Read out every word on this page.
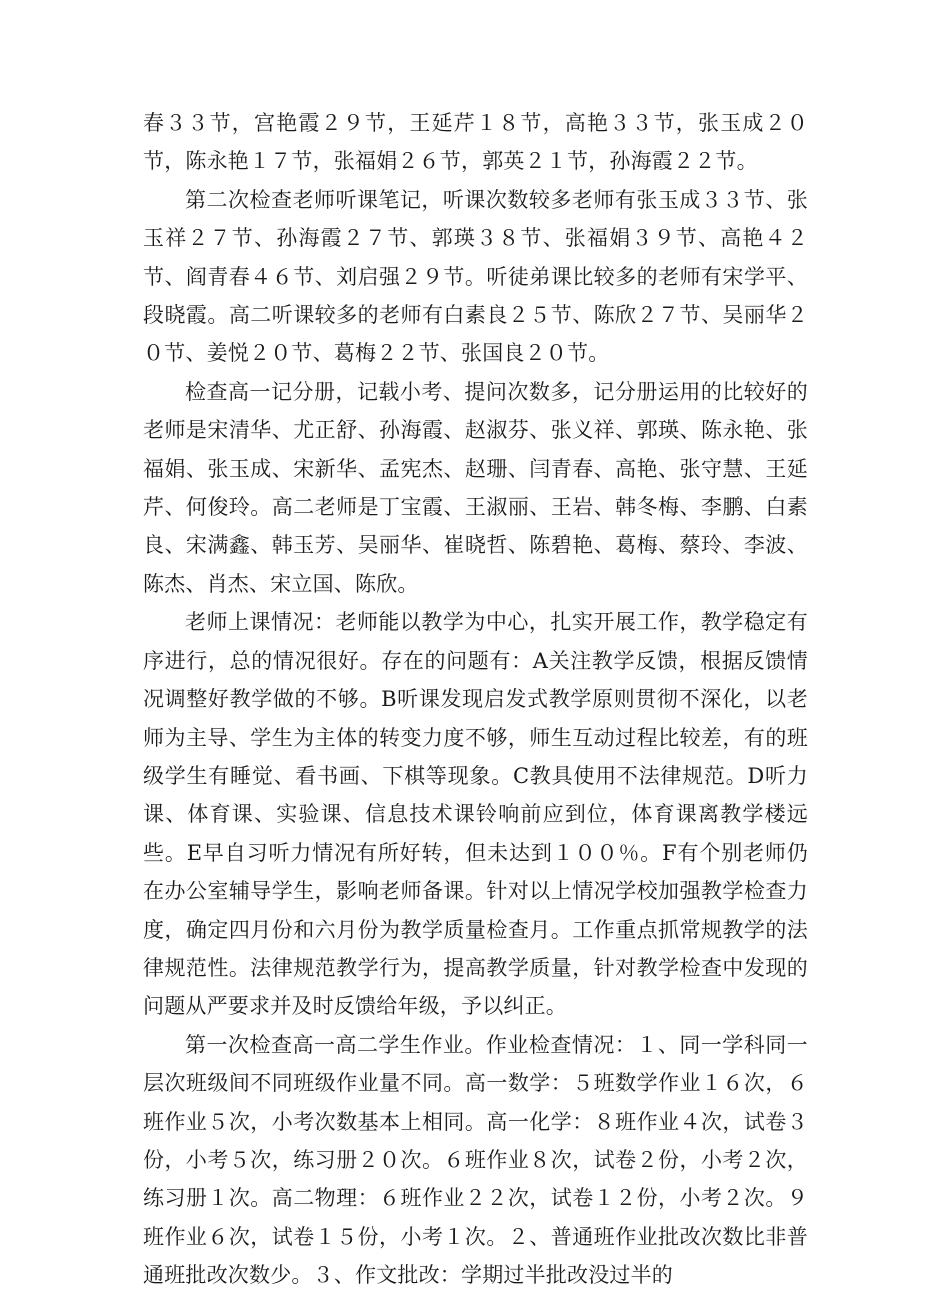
春３３节，宫艳霞２９节，王延芹１８节，高艳３３节，张玉成２０节，陈永艳１７节，张福娟２６节，郭英２１节，孙海霞２２节。

第二次检查老师听课笔记，听课次数较多老师有张玉成３３节、张玉祥２７节、孙海霞２７节、郭瑛３８节、张福娟３９节、高艳４２节、阎青春４６节、刘启强２９节。听徒弟课比较多的老师有宋学平、段晓霞。高二听课较多的老师有白素良２５节、陈欣２７节、吴丽华２０节、姜悦２０节、葛梅２２节、张国良２０节。

检查高一记分册，记载小考、提问次数多，记分册运用的比较好的老师是宋清华、尤正舒、孙海霞、赵淑芬、张义祥、郭瑛、陈永艳、张福娟、张玉成、宋新华、孟宪杰、赵珊、闫青春、高艳、张守慧、王延芹、何俊玲。高二老师是丁宝霞、王淑丽、王岩、韩冬梅、李鹏、白素良、宋满鑫、韩玉芳、吴丽华、崔晓哲、陈碧艳、葛梅、蔡玲、李波、陈杰、肖杰、宋立国、陈欣。

老师上课情况：老师能以教学为中心，扎实开展工作，教学稳定有序进行，总的情况很好。存在的问题有：A关注教学反馈，根据反馈情况调整好教学做的不够。B听课发现启发式教学原则贯彻不深化，以老师为主导、学生为主体的转变力度不够，师生互动过程比较差，有的班级学生有睡觉、看书画、下棋等现象。C教具使用不法律规范。D听力课、体育课、实验课、信息技术课铃响前应到位，体育课离教学楼远些。E早自习听力情况有所好转，但未达到１００％。F有个别老师仍在办公室辅导学生，影响老师备课。针对以上情况学校加强教学检查力度，确定四月份和六月份为教学质量检查月。工作重点抓常规教学的法律规范性。法律规范教学行为，提高教学质量，针对教学检查中发现的问题从严要求并及时反馈给年级，予以纠正。

第一次检查高一高二学生作业。作业检查情况：１、同一学科同一层次班级间不同班级作业量不同。高一数学：５班数学作业１６次，６班作业５次，小考次数基本上相同。高一化学：８班作业４次，试卷３份，小考５次，练习册２０次。６班作业８次，试卷２份，小考２次，练习册１次。高二物理：６班作业２２次，试卷１２份，小考２次。９班作业６次，试卷１５份，小考１次。２、普通班作业批改次数比非普通班批改次数少。３、作文批改：学期过半批改没过半的
